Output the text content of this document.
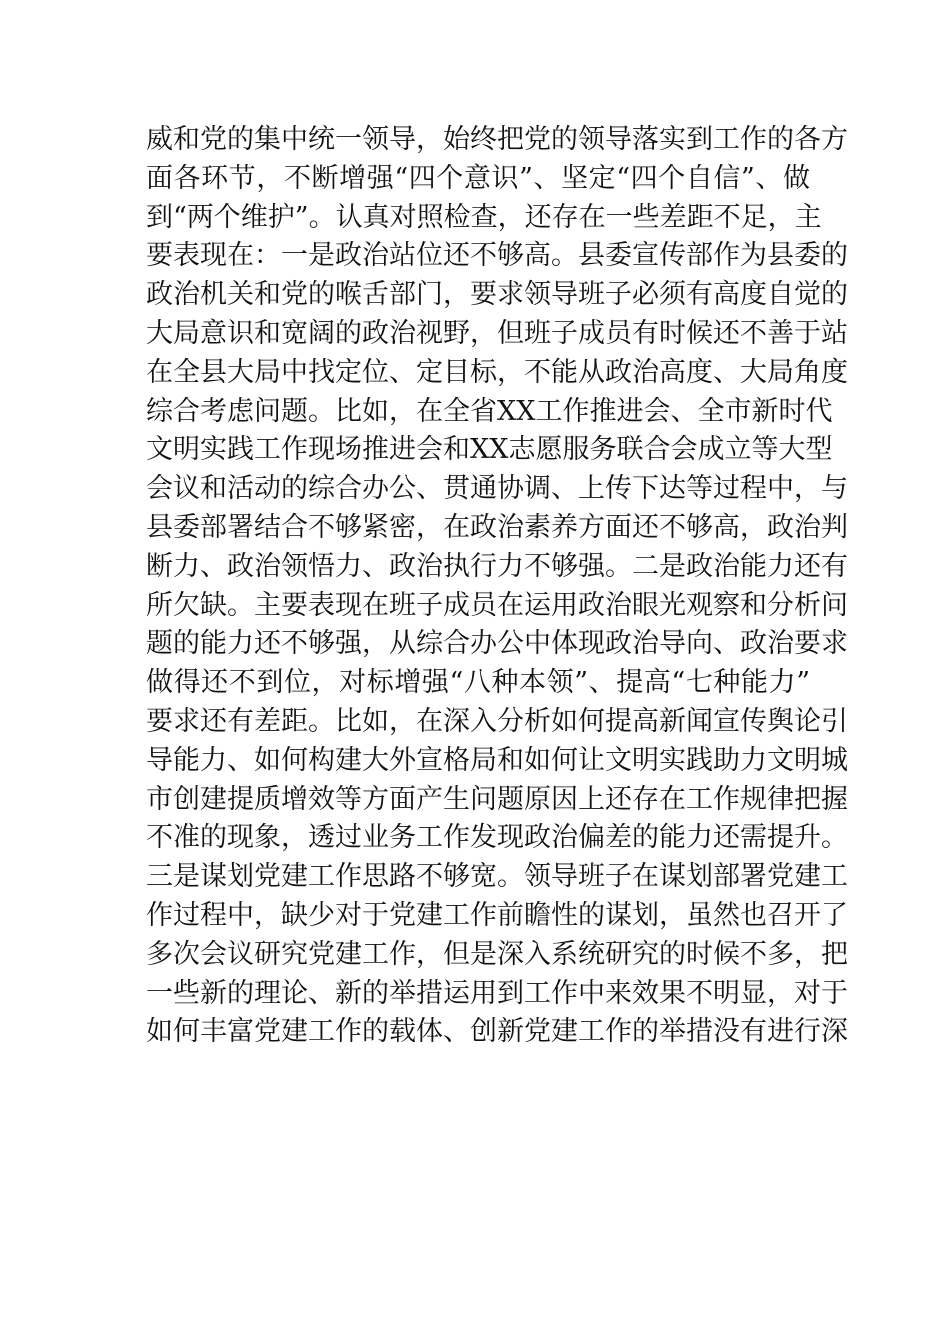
威和党的集中统一领导，始终把党的领导落实到工作的各方
面各环节，不断增强“四个意识”、坚定“四个自信”、做
到“两个维护”。认真对照检查，还存在一些差距不足，主
要表现在：一是政治站位还不够高。县委宣传部作为县委的
政治机关和党的喉舌部门，要求领导班子必须有高度自觉的
大局意识和宽阔的政治视野，但班子成员有时候还不善于站
在全县大局中找定位、定目标，不能从政治高度、大局角度
综合考虑问题。比如，在全省XX工作推进会、全市新时代
文明实践工作现场推进会和XX志愿服务联合会成立等大型
会议和活动的综合办公、贯通协调、上传下达等过程中，与
县委部署结合不够紧密，在政治素养方面还不够高，政治判
断力、政治领悟力、政治执行力不够强。二是政治能力还有
所欠缺。主要表现在班子成员在运用政治眼光观察和分析问
题的能力还不够强，从综合办公中体现政治导向、政治要求
做得还不到位，对标增强“八种本领”、提高“七种能力”
要求还有差距。比如，在深入分析如何提高新闻宣传舆论引
导能力、如何构建大外宣格局和如何让文明实践助力文明城
市创建提质增效等方面产生问题原因上还存在工作规律把握
不准的现象，透过业务工作发现政治偏差的能力还需提升。
三是谋划党建工作思路不够宽。领导班子在谋划部署党建工
作过程中，缺少对于党建工作前瞻性的谋划，虽然也召开了
多次会议研究党建工作，但是深入系统研究的时候不多，把
一些新的理论、新的举措运用到工作中来效果不明显，对于
如何丰富党建工作的载体、创新党建工作的举措没有进行深
